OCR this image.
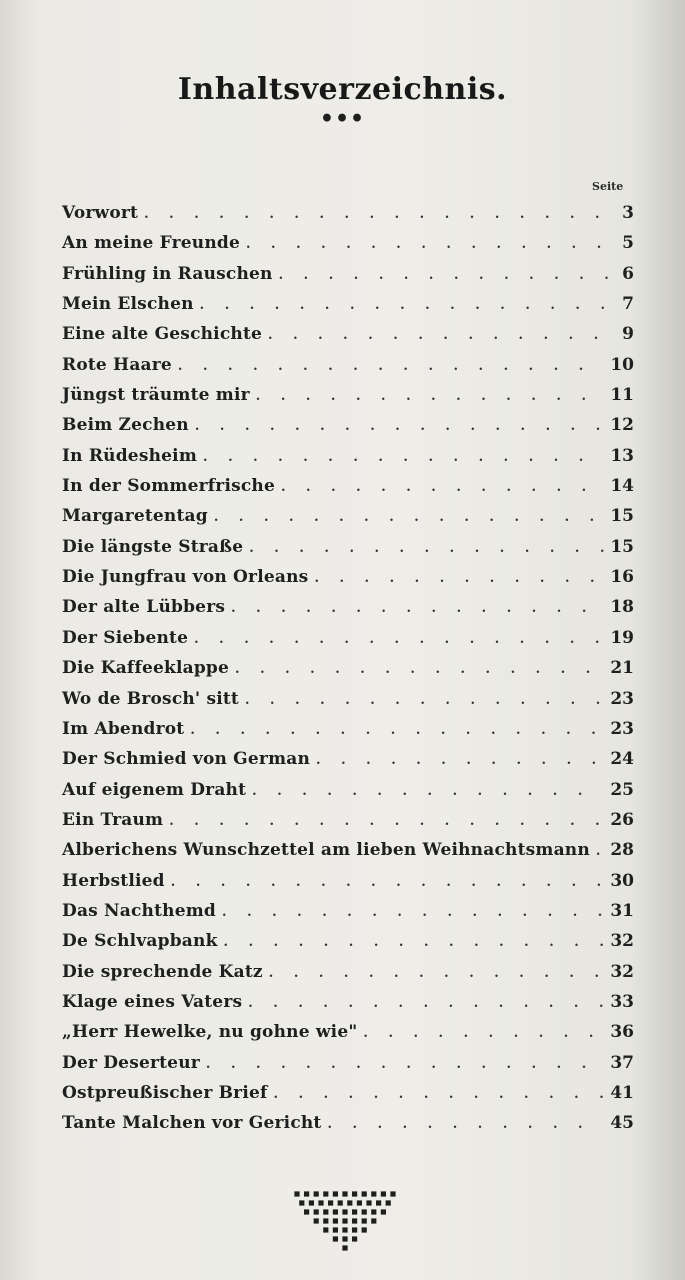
Inhaltsverzeichnis.
•••
Seite
Vorwort . . .	3
An meine Freunde . . .	5
Frühling in Rauschen . . .	6
Mein Elschen . . .	7
Eine alte Geschichte . . .	9
Rote Haare . . .	10
Jüngst träumte mir . . .	11
Beim Zechen . . .	12
In Rüdesheim . . .	13
In der Sommerfrische . . .	14
Margaretentag . . .	15
Die längste Straße . . .	15
Die Jungfrau von Orleans . . .	16
Der alte Lübbers . . .	18
Der Siebente . . .	19
Die Kaffeeklappe . . .	21
Wo de Brosch' sitt . . .	23
Im Abendrot . . .	23
Der Schmied von German . . .	24
Auf eigenem Draht . . .	25
Ein Traum . . .	26
Alberichens Wunschzettel am lieben Weihnachtsmann . . . 28
Herbstlied . . .	30
Das Nachthemd . . .	31
De Schlvapbank . . .	32
Die sprechende Katz . . .	32
Klage eines Vaters . . .	33
„Herr Hewelke, nu gohne wie" . . .	36
Der Deserteur . . .	37
Ostpreußischer Brief . . .	41
Tante Malchen vor Gericht . . .	45
